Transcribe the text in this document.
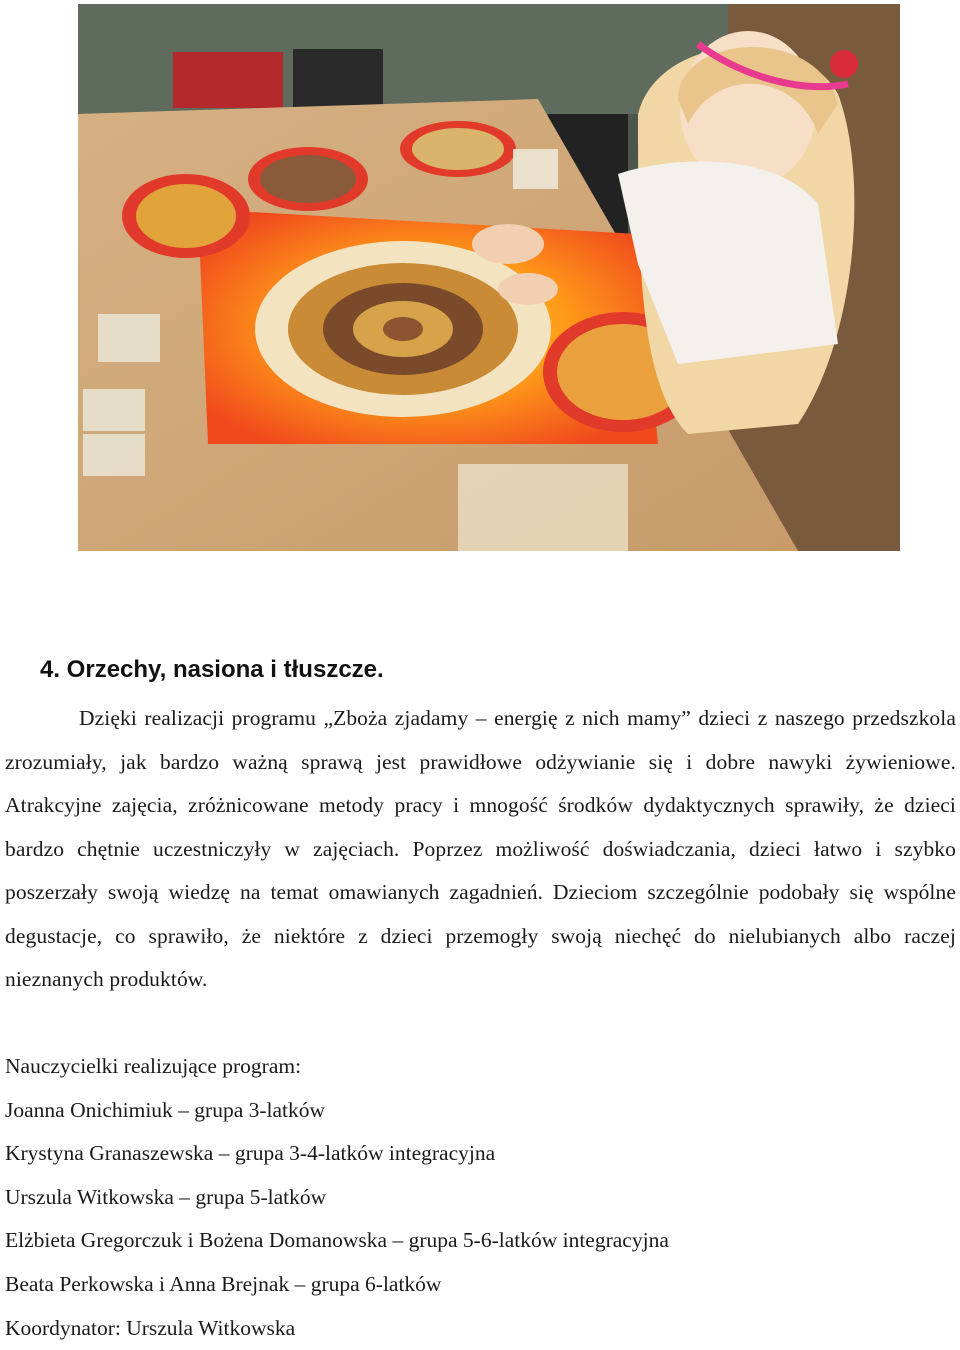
4. Orzechy, nasiona i tłuszcze.

Dzięki realizacji programu „Zboża zjadamy – energię z nich mamy” dzieci z naszego przedszkola zrozumiały, jak bardzo ważną sprawą jest prawidłowe odżywianie się i dobre nawyki żywieniowe. Atrakcyjne zajęcia, zróżnicowane metody pracy i mnogość środków dydaktycznych sprawiły, że dzieci bardzo chętnie uczestniczyły w zajęciach. Poprzez możliwość doświadczania, dzieci łatwo i szybko poszerzały swoją wiedzę na temat omawianych zagadnień. Dzieciom szczególnie podobały się wspólne degustacje, co sprawiło, że niektóre z dzieci przemogły swoją niechęć do nielubianych albo raczej nieznanych produktów.

Nauczycielki realizujące program:
Joanna Onichimiuk – grupa 3-latków
Krystyna Granaszewska – grupa 3-4-latków integracyjna
Urszula Witkowska – grupa 5-latków
Elżbieta Gregorczuk i Bożena Domanowska – grupa 5-6-latków integracyjna
Beata Perkowska i Anna Brejnak – grupa 6-latków
Koordynator: Urszula Witkowska
